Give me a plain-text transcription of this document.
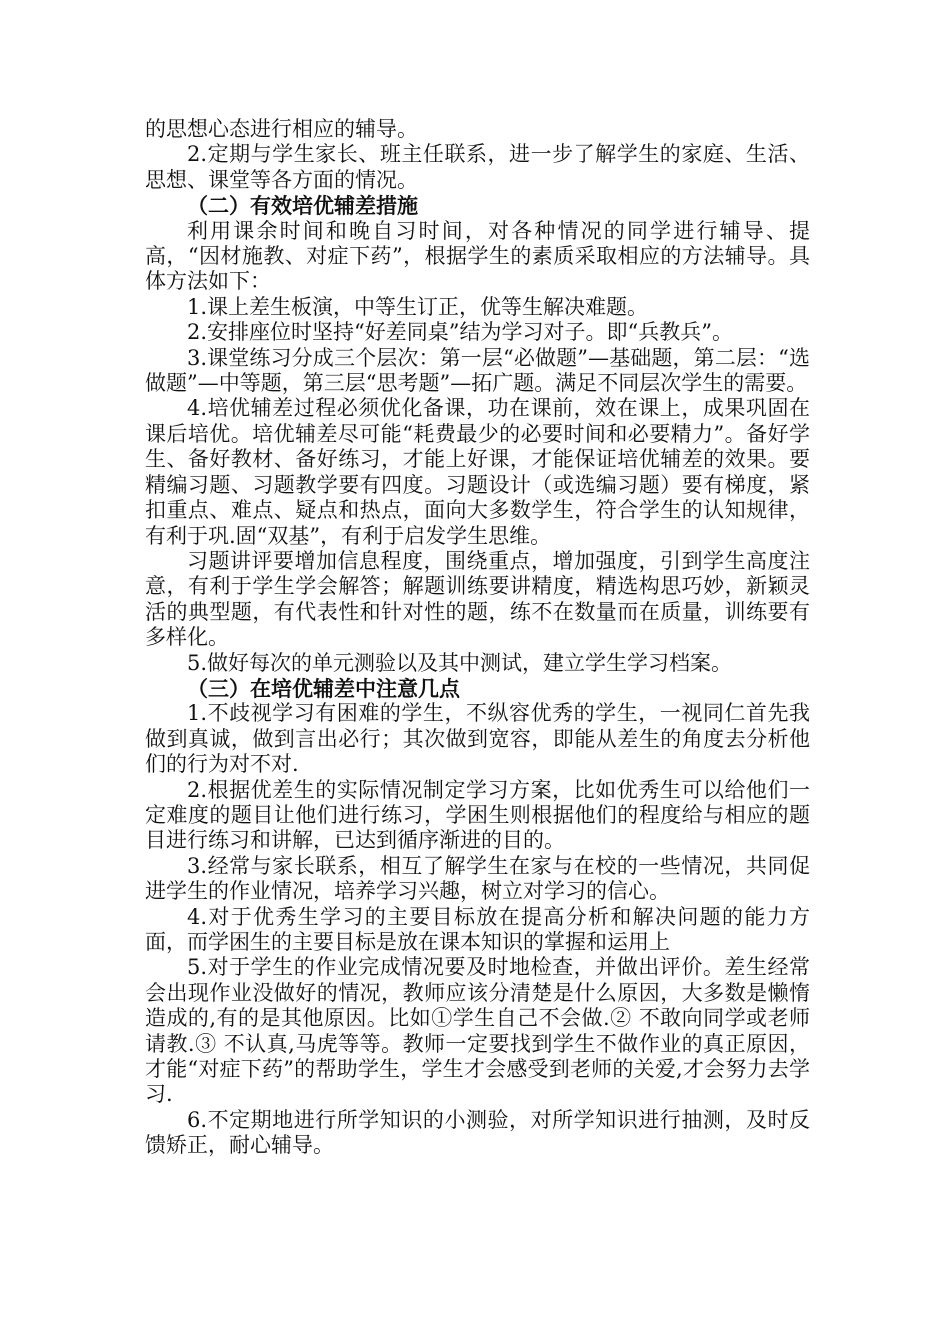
的思想心态进行相应的辅导。

2.定期与学生家长、班主任联系，进一步了解学生的家庭、生活、思想、课堂等各方面的情况。

（二）有效培优辅差措施

利用课余时间和晚自习时间，对各种情况的同学进行辅导、提高，“因材施教、对症下药”，根据学生的素质采取相应的方法辅导。具体方法如下：

1.课上差生板演，中等生订正，优等生解决难题。

2.安排座位时坚持“好差同桌”结为学习对子。即“兵教兵”。

3.课堂练习分成三个层次：第一层“必做题”—基础题，第二层：“选做题”—中等题，第三层“思考题”—拓广题。满足不同层次学生的需要。

4.培优辅差过程必须优化备课，功在课前，效在课上，成果巩固在课后培优。培优辅差尽可能“耗费最少的必要时间和必要精力”。备好学生、备好教材、备好练习，才能上好课，才能保证培优辅差的效果。要精编习题、习题教学要有四度。习题设计（或选编习题）要有梯度，紧扣重点、难点、疑点和热点，面向大多数学生，符合学生的认知规律，有利于巩.固“双基”，有利于启发学生思维。

习题讲评要增加信息程度，围绕重点，增加强度，引到学生高度注意，有利于学生学会解答；解题训练要讲精度，精选构思巧妙，新颖灵活的典型题，有代表性和针对性的题，练不在数量而在质量，训练要有多样化。

5.做好每次的单元测验以及其中测试，建立学生学习档案。

（三）在培优辅差中注意几点

1.不歧视学习有困难的学生，不纵容优秀的学生，一视同仁首先我做到真诚，做到言出必行；其次做到宽容，即能从差生的角度去分析他们的行为对不对.

2.根据优差生的实际情况制定学习方案，比如优秀生可以给他们一定难度的题目让他们进行练习，学困生则根据他们的程度给与相应的题目进行练习和讲解，已达到循序渐进的目的。

3.经常与家长联系，相互了解学生在家与在校的一些情况，共同促进学生的作业情况，培养学习兴趣，树立对学习的信心。

4.对于优秀生学习的主要目标放在提高分析和解决问题的能力方面，而学困生的主要目标是放在课本知识的掌握和运用上

5.对于学生的作业完成情况要及时地检查，并做出评价。差生经常会出现作业没做好的情况，教师应该分清楚是什么原因，大多数是懒惰造成的,有的是其他原因。比如①学生自己不会做.② 不敢向同学或老师请教.③ 不认真,马虎等等。教师一定要找到学生不做作业的真正原因，才能“对症下药”的帮助学生，学生才会感受到老师的关爱,才会努力去学习.

6.不定期地进行所学知识的小测验，对所学知识进行抽测，及时反馈矫正，耐心辅导。
